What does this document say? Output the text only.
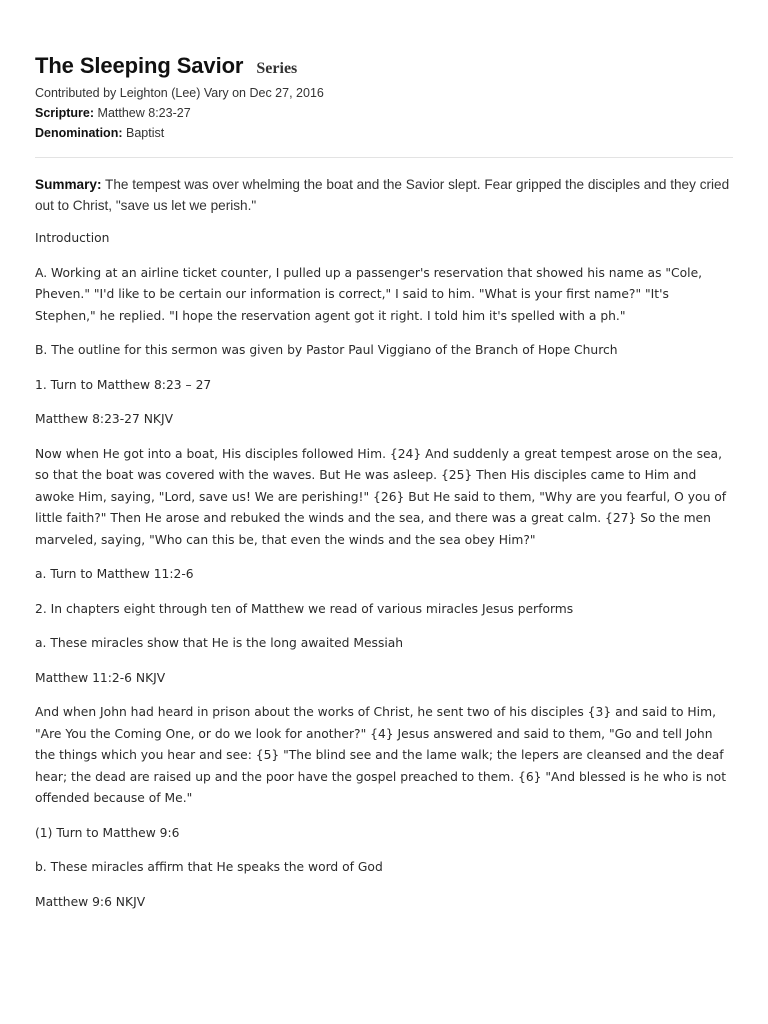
The Sleeping Savior Series
Contributed by Leighton (Lee) Vary on Dec 27, 2016
Scripture: Matthew 8:23-27
Denomination: Baptist
Summary: The tempest was over whelming the boat and the Savior slept. Fear gripped the disciples and they cried out to Christ, "save us let we perish."

Introduction

A. Working at an airline ticket counter, I pulled up a passenger's reservation that showed his name as "Cole, Pheven." "I'd like to be certain our information is correct," I said to him. "What is your first name?" "It's Stephen," he replied. "I hope the reservation agent got it right. I told him it's spelled with a ph."

B. The outline for this sermon was given by Pastor Paul Viggiano of the Branch of Hope Church

1. Turn to Matthew 8:23 – 27

Matthew 8:23-27 NKJV

Now when He got into a boat, His disciples followed Him. {24} And suddenly a great tempest arose on the sea, so that the boat was covered with the waves. But He was asleep. {25} Then His disciples came to Him and awoke Him, saying, "Lord, save us! We are perishing!" {26} But He said to them, "Why are you fearful, O you of little faith?" Then He arose and rebuked the winds and the sea, and there was a great calm. {27} So the men marveled, saying, "Who can this be, that even the winds and the sea obey Him?"

a. Turn to Matthew 11:2-6

2. In chapters eight through ten of Matthew we read of various miracles Jesus performs

a. These miracles show that He is the long awaited Messiah

Matthew 11:2-6 NKJV

And when John had heard in prison about the works of Christ, he sent two of his disciples {3} and said to Him, "Are You the Coming One, or do we look for another?" {4} Jesus answered and said to them, "Go and tell John the things which you hear and see: {5} "The blind see and the lame walk; the lepers are cleansed and the deaf hear; the dead are raised up and the poor have the gospel preached to them. {6} "And blessed is he who is not offended because of Me."

(1) Turn to Matthew 9:6

b. These miracles affirm that He speaks the word of God

Matthew 9:6 NKJV
